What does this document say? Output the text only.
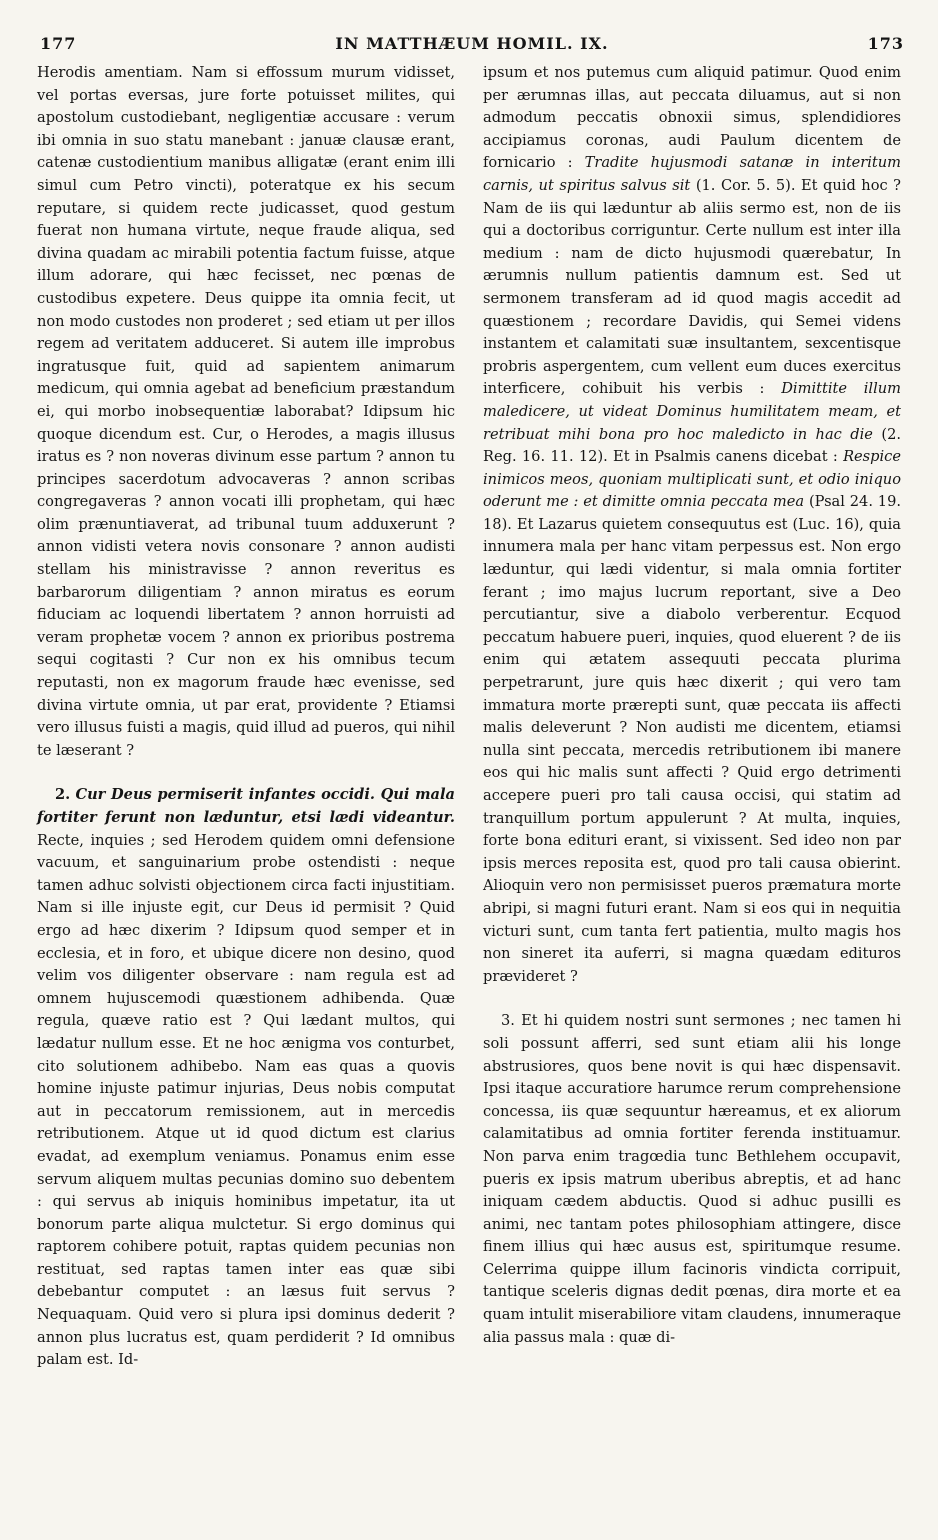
177	IN MATTHÆUM HOMIL. IX.	173

Herodis amentiam. Nam si effossum murum vidisset, vel portas eversas, jure forte potuisset milites, qui apostolum custodiebant, negligentiæ accusare : verum ibi omnia in suo statu manebant : januæ clausæ erant, catenæ custodientium manibus alligatæ (erant enim illi simul cum Petro vincti), poteratque ex his secum reputare, si quidem recte judicasset, quod gestum fuerat non humana virtute, neque fraude aliqua, sed divina quadam ac mirabili potentia factum fuisse, atque illum adorare, qui hæc fecisset, nec pœnas de custodibus expetere. Deus quippe ita omnia fecit, ut non modo custodes non proderet ; sed etiam ut per illos regem ad veritatem adduceret. Si autem ille improbus ingratusque fuit, quid ad sapientem animarum medicum, qui omnia agebat ad beneficium præstandum ei, qui morbo inobsequentiæ laborabat? Idipsum hic quoque dicendum est. Cur, o Herodes, a magis illusus iratus es ? non noveras divinum esse partum ? annon tu principes sacerdotum advocaveras ? annon scribas congregaveras ? annon vocati illi prophetam, qui hæc olim prænuntiaverat, ad tribunal tuum adduxerunt ? annon vidisti vetera novis consonare ? annon audisti stellam his ministravisse ? annon reveritus es barbarorum diligentiam ? annon miratus es eorum fiduciam ac loquendi libertatem ? annon horruisti ad veram prophetæ vocem ? annon ex prioribus postrema sequi cogitasti ? Cur non ex his omnibus tecum reputasti, non ex magorum fraude hæc evenisse, sed divina virtute omnia, ut par erat, providente ? Etiamsi vero illusus fuisti a magis, quid illud ad pueros, qui nihil te læserant ?

2. Cur Deus permiserit infantes occidi. Qui mala fortiter ferunt non læduntur, etsi lædi videantur. Recte, inquies ; sed Herodem quidem omni defensione vacuum, et sanguinarium probe ostendisti : neque tamen adhuc solvisti objectionem circa facti injustitiam. Nam si ille injuste egit, cur Deus id permisit ? Quid ergo ad hæc dixerim ? Idipsum quod semper et in ecclesia, et in foro, et ubique dicere non desino, quod velim vos diligenter observare : nam regula est ad omnem hujuscemodi quæstionem adhibenda. Quæ regula, quæve ratio est ? Qui lædant multos, qui lædatur nullum esse. Et ne hoc ænigma vos conturbet, cito solutionem adhibebo. Nam eas quas a quovis homine injuste patimur injurias, Deus nobis computat aut in peccatorum remissionem, aut in mercedis retributionem. Atque ut id quod dictum est clarius evadat, ad exemplum veniamus. Ponamus enim esse servum aliquem multas pecunias domino suo debentem : qui servus ab iniquis hominibus impetatur, ita ut bonorum parte aliqua mulctetur. Si ergo dominus qui raptorem cohibere potuit, raptas quidem pecunias non restituat, sed raptas tamen inter eas quæ sibi debebantur computet : an læsus fuit servus ? Nequaquam. Quid vero si plura ipsi dominus dederit ? annon plus lucratus est, quam perdiderit ? Id omnibus palam est. Id-

ipsum et nos putemus cum aliquid patimur. Quod enim per ærumnas illas, aut peccata diluamus, aut si non admodum peccatis obnoxii simus, splendidiores accipiamus coronas, audi Paulum dicentem de fornicario : Tradite hujusmodi satanæ in interitum carnis, ut spiritus salvus sit (1. Cor. 5. 5). Et quid hoc ? Nam de iis qui læduntur ab aliis sermo est, non de iis qui a doctoribus corriguntur. Certe nullum est inter illa medium : nam de dicto hujusmodi quærebatur, In ærumnis nullum patientis damnum est. Sed ut sermonem transferam ad id quod magis accedit ad quæstionem ; recordare Davidis, qui Semei videns instantem et calamitati suæ insultantem, sexcentisque probris aspergentem, cum vellent eum duces exercitus interficere, cohibuit his verbis : Dimittite illum maledicere, ut videat Dominus humilitatem meam, et retribuat mihi bona pro hoc maledicto in hac die (2. Reg. 16. 11. 12). Et in Psalmis canens dicebat : Respice inimicos meos, quoniam multiplicati sunt, et odio iniquo oderunt me : et dimitte omnia peccata mea (Psal 24. 19. 18). Et Lazarus quietem consequutus est (Luc. 16), quia innumera mala per hanc vitam perpessus est. Non ergo læduntur, qui lædi videntur, si mala omnia fortiter ferant ; imo majus lucrum reportant, sive a Deo percutiantur, sive a diabolo verberentur. Ecquod peccatum habuere pueri, inquies, quod eluerent ? de iis enim qui ætatem assequuti peccata plurima perpetrarunt, jure quis hæc dixerit ; qui vero tam immatura morte prærepti sunt, quæ peccata iis affecti malis deleverunt ? Non audisti me dicentem, etiamsi nulla sint peccata, mercedis retributionem ibi manere eos qui hic malis sunt affecti ? Quid ergo detrimenti accepere pueri pro tali causa occisi, qui statim ad tranquillum portum appulerunt ? At multa, inquies, forte bona edituri erant, si vixissent. Sed ideo non par ipsis merces reposita est, quod pro tali causa obierint. Alioquin vero non permisisset pueros præmatura morte abripi, si magni futuri erant. Nam si eos qui in nequitia victuri sunt, cum tanta fert patientia, multo magis hos non sineret ita auferri, si magna quædam edituros prævideret ?

3. Et hi quidem nostri sunt sermones ; nec tamen hi soli possunt afferri, sed sunt etiam alii his longe abstrusiores, quos bene novit is qui hæc dispensavit. Ipsi itaque accuratiore harumce rerum comprehensione concessa, iis quæ sequuntur hæreamus, et ex aliorum calamitatibus ad omnia fortiter ferenda instituamur. Non parva enim tragœdia tunc Bethlehem occupavit, pueris ex ipsis matrum uberibus abreptis, et ad hanc iniquam cædem abductis. Quod si adhuc pusilli es animi, nec tantam potes philosophiam attingere, disce finem illius qui hæc ausus est, spiritumque resume. Celerrima quippe illum facinoris vindicta corripuit, tantique sceleris dignas dedit pœnas, dira morte et ea quam intulit miserabiliore vitam claudens, innumeraque alia passus mala : quæ di-
